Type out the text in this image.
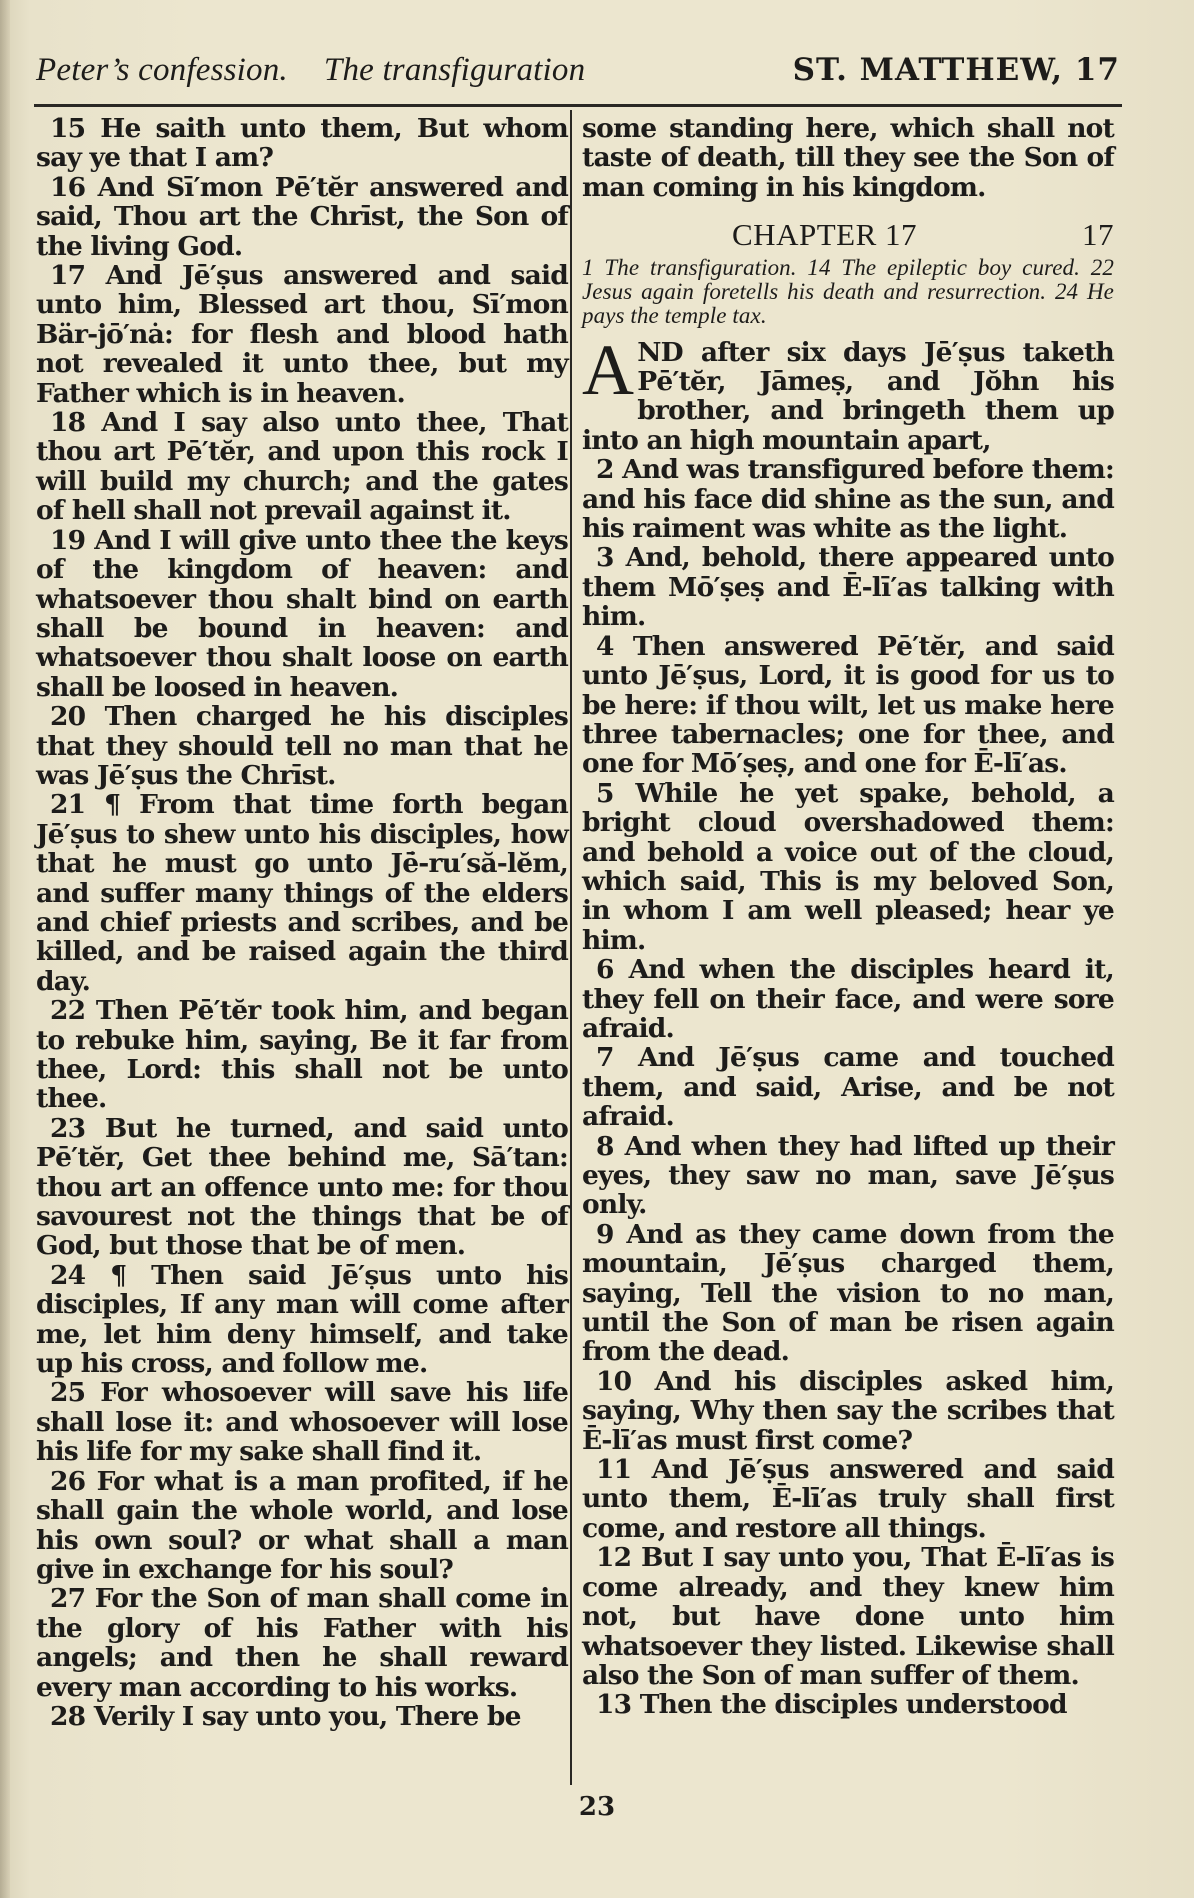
Peter’s confession. The transfiguration	ST. MATTHEW, 17

15 He saith unto them, But whom say ye that I am?

16 And Sī′mon Pē′tĕr answered and said, Thou art the Chrīst, the Son of the living God.

17 And Jē′ṣus answered and said unto him, Blessed art thou, Sī′mon Bär-jō′nȧ: for flesh and blood hath not revealed it unto thee, but my Father which is in heaven.

18 And I say also unto thee, That thou art Pē′tĕr, and upon this rock I will build my church; and the gates of hell shall not prevail against it.

19 And I will give unto thee the keys of the kingdom of heaven: and whatsoever thou shalt bind on earth shall be bound in heaven: and whatsoever thou shalt loose on earth shall be loosed in heaven.

20 Then charged he his disciples that they should tell no man that he was Jē′ṣus the Chrīst.

21 ¶ From that time forth began Jē′ṣus to shew unto his disciples, how that he must go unto Jē̇-ru′să-lĕm, and suffer many things of the elders and chief priests and scribes, and be killed, and be raised again the third day.

22 Then Pē′tĕr took him, and began to rebuke him, saying, Be it far from thee, Lord: this shall not be unto thee.

23 But he turned, and said unto Pē′tĕr, Get thee behind me, Sā′tan: thou art an offence unto me: for thou savourest not the things that be of God, but those that be of men.

24 ¶ Then said Jē′ṣus unto his disciples, If any man will come after me, let him deny himself, and take up his cross, and follow me.

25 For whosoever will save his life shall lose it: and whosoever will lose his life for my sake shall find it.

26 For what is a man profited, if he shall gain the whole world, and lose his own soul? or what shall a man give in exchange for his soul?

27 For the Son of man shall come in the glory of his Father with his angels; and then he shall reward every man according to his works.

28 Verily I say unto you, There be

some standing here, which shall not taste of death, till they see the Son of man coming in his kingdom.

CHAPTER 17	17

1 The transfiguration. 14 The epileptic boy cured. 22 Jesus again foretells his death and resurrection. 24 He pays the temple tax.

AND after six days Jē′ṣus taketh Pē′tĕr, Jāmeṣ, and Jŏhn his brother, and bringeth them up into an high mountain apart,

2 And was transfigured before them: and his face did shine as the sun, and his raiment was white as the light.

3 And, behold, there appeared unto them Mō′ṣeṣ and Ē-lī′as talking with him.

4 Then answered Pē′tĕr, and said unto Jē′ṣus, Lord, it is good for us to be here: if thou wilt, let us make here three tabernacles; one for thee, and one for Mō′ṣeṣ, and one for Ē-lī′as.

5 While he yet spake, behold, a bright cloud overshadowed them: and behold a voice out of the cloud, which said, This is my beloved Son, in whom I am well pleased; hear ye him.

6 And when the disciples heard it, they fell on their face, and were sore afraid.

7 And Jē′ṣus came and touched them, and said, Arise, and be not afraid.

8 And when they had lifted up their eyes, they saw no man, save Jē′ṣus only.

9 And as they came down from the mountain, Jē′ṣus charged them, saying, Tell the vision to no man, until the Son of man be risen again from the dead.

10 And his disciples asked him, saying, Why then say the scribes that Ē-lī′as must first come?

11 And Jē′ṣus answered and said unto them, Ē-lī′as truly shall first come, and restore all things.

12 But I say unto you, That Ē-lī′as is come already, and they knew him not, but have done unto him whatsoever they listed. Likewise shall also the Son of man suffer of them.

13 Then the disciples understood

23
